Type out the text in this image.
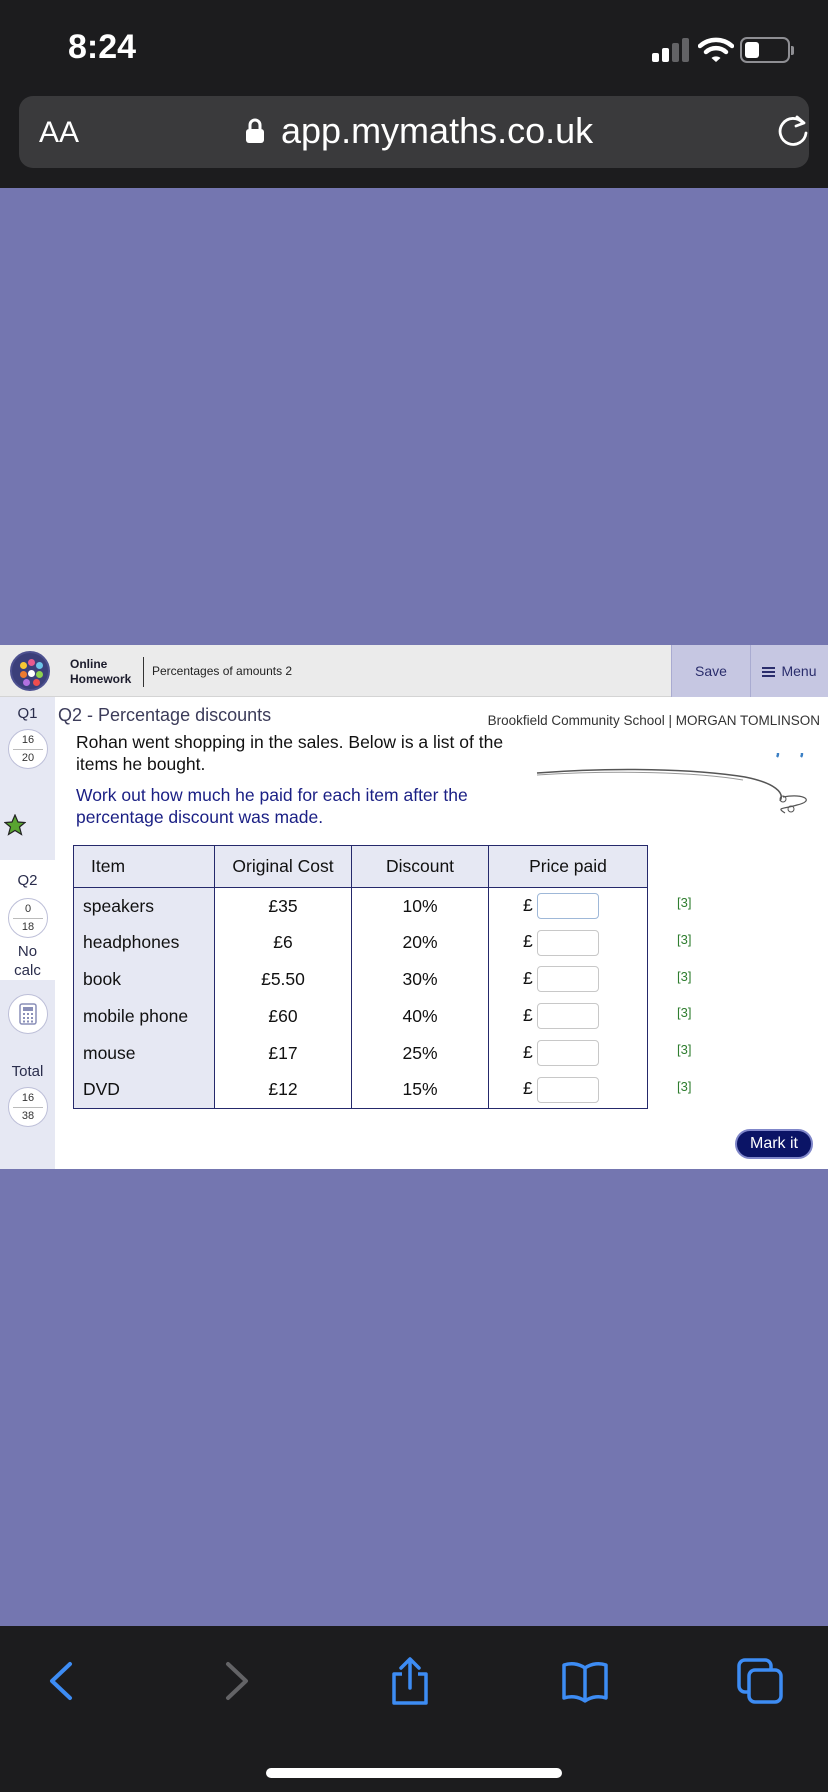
8:24
AA	app.mymaths.co.uk
Online
Homework
Percentages of amounts 2	Save	Menu
Q1
16
20
Q2
0
18
No
calc
Total
16
38
Q2 - Percentage discounts	Brookfield Community School | MORGAN TOMLINSON
Rohan went shopping in the sales. Below is a list of the items he bought.
Work out how much he paid for each item after the percentage discount was made.
Item	Original Cost	Discount	Price paid
speakers	£35	10%	£
headphones	£6	20%	£
book	£5.50	30%	£
mobile phone	£60	40%	£
mouse	£17	25%	£
DVD	£12	15%	£
[3]
[3]
[3]
[3]
[3]
[3]
Mark it
